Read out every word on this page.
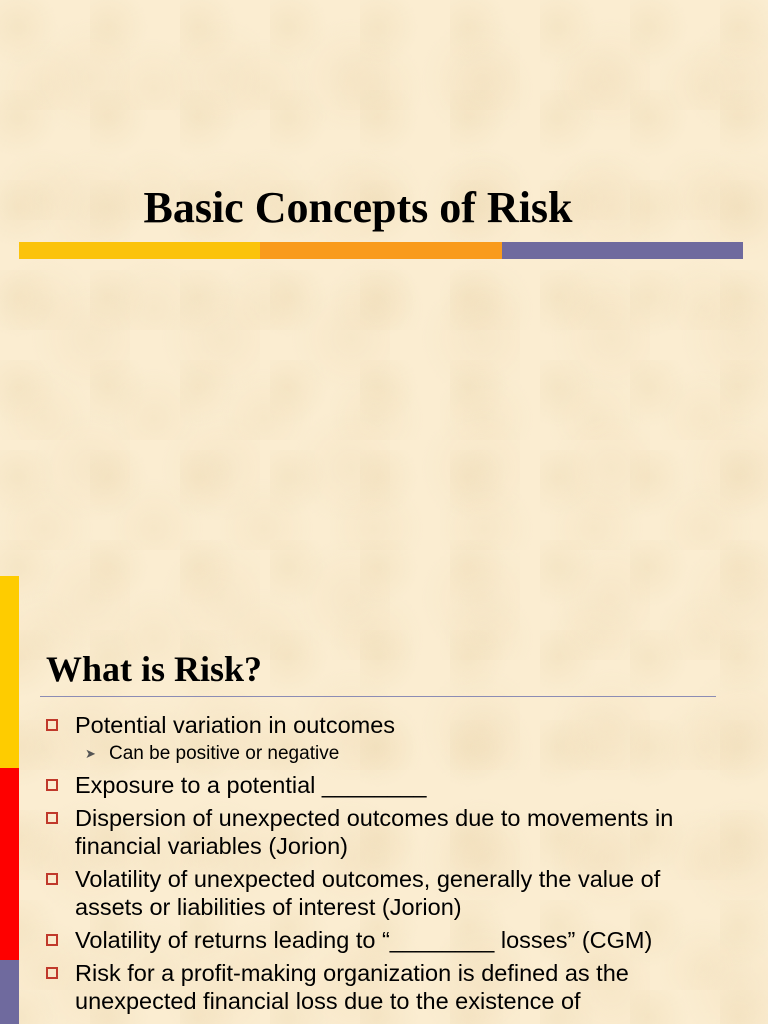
Basic Concepts of Risk
What is Risk?
Potential variation in outcomes
➤ Can be positive or negative
Exposure to a potential ________
Dispersion of unexpected outcomes due to movements in financial variables (Jorion)
Volatility of unexpected outcomes, generally the value of assets or liabilities of interest (Jorion)
Volatility of returns leading to “________ losses” (CGM)
Risk for a profit-making organization is defined as the unexpected financial loss due to the existence of
